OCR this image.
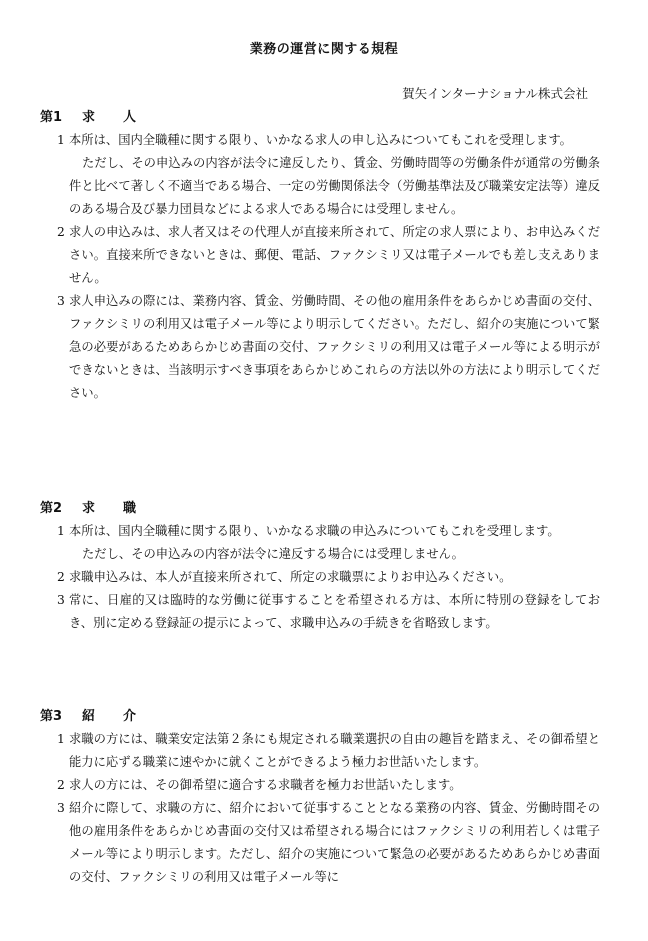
業務の運営に関する規程
賀矢インターナショナル株式会社
第1 求人
1 本所は、国内全職種に関する限り、いかなる求人の申し込みについてもこれを受理します。
ただし、その申込みの内容が法令に違反したり、賃金、労働時間等の労働条件が通常の労働条件と比べて著しく不適当である場合、一定の労働関係法令（労働基準法及び職業安定法等）違反のある場合及び暴力団員などによる求人である場合には受理しません。
2 求人の申込みは、求人者又はその代理人が直接来所されて、所定の求人票により、お申込みください。直接来所できないときは、郵便、電話、ファクシミリ又は電子メールでも差し支えありません。
3 求人申込みの際には、業務内容、賃金、労働時間、その他の雇用条件をあらかじめ書面の交付、ファクシミリの利用又は電子メール等により明示してください。ただし、紹介の実施について緊急の必要があるためあらかじめ書面の交付、ファクシミリの利用又は電子メール等による明示ができないときは、当該明示すべき事項をあらかじめこれらの方法以外の方法により明示してください。
第2 求職
1 本所は、国内全職種に関する限り、いかなる求職の申込みについてもこれを受理します。
ただし、その申込みの内容が法令に違反する場合には受理しません。
2 求職申込みは、本人が直接来所されて、所定の求職票によりお申込みください。
3 常に、日雇的又は臨時的な労働に従事することを希望される方は、本所に特別の登録をしておき、別に定める登録証の提示によって、求職申込みの手続きを省略致します。
第3 紹介
1 求職の方には、職業安定法第２条にも規定される職業選択の自由の趣旨を踏まえ、その御希望と能力に応ずる職業に速やかに就くことができるよう極力お世話いたします。
2 求人の方には、その御希望に適合する求職者を極力お世話いたします。
3 紹介に際して、求職の方に、紹介において従事することとなる業務の内容、賃金、労働時間その他の雇用条件をあらかじめ書面の交付又は希望される場合にはファクシミリの利用若しくは電子メール等により明示します。ただし、紹介の実施について緊急の必要があるためあらかじめ書面の交付、ファクシミリの利用又は電子メール等に
